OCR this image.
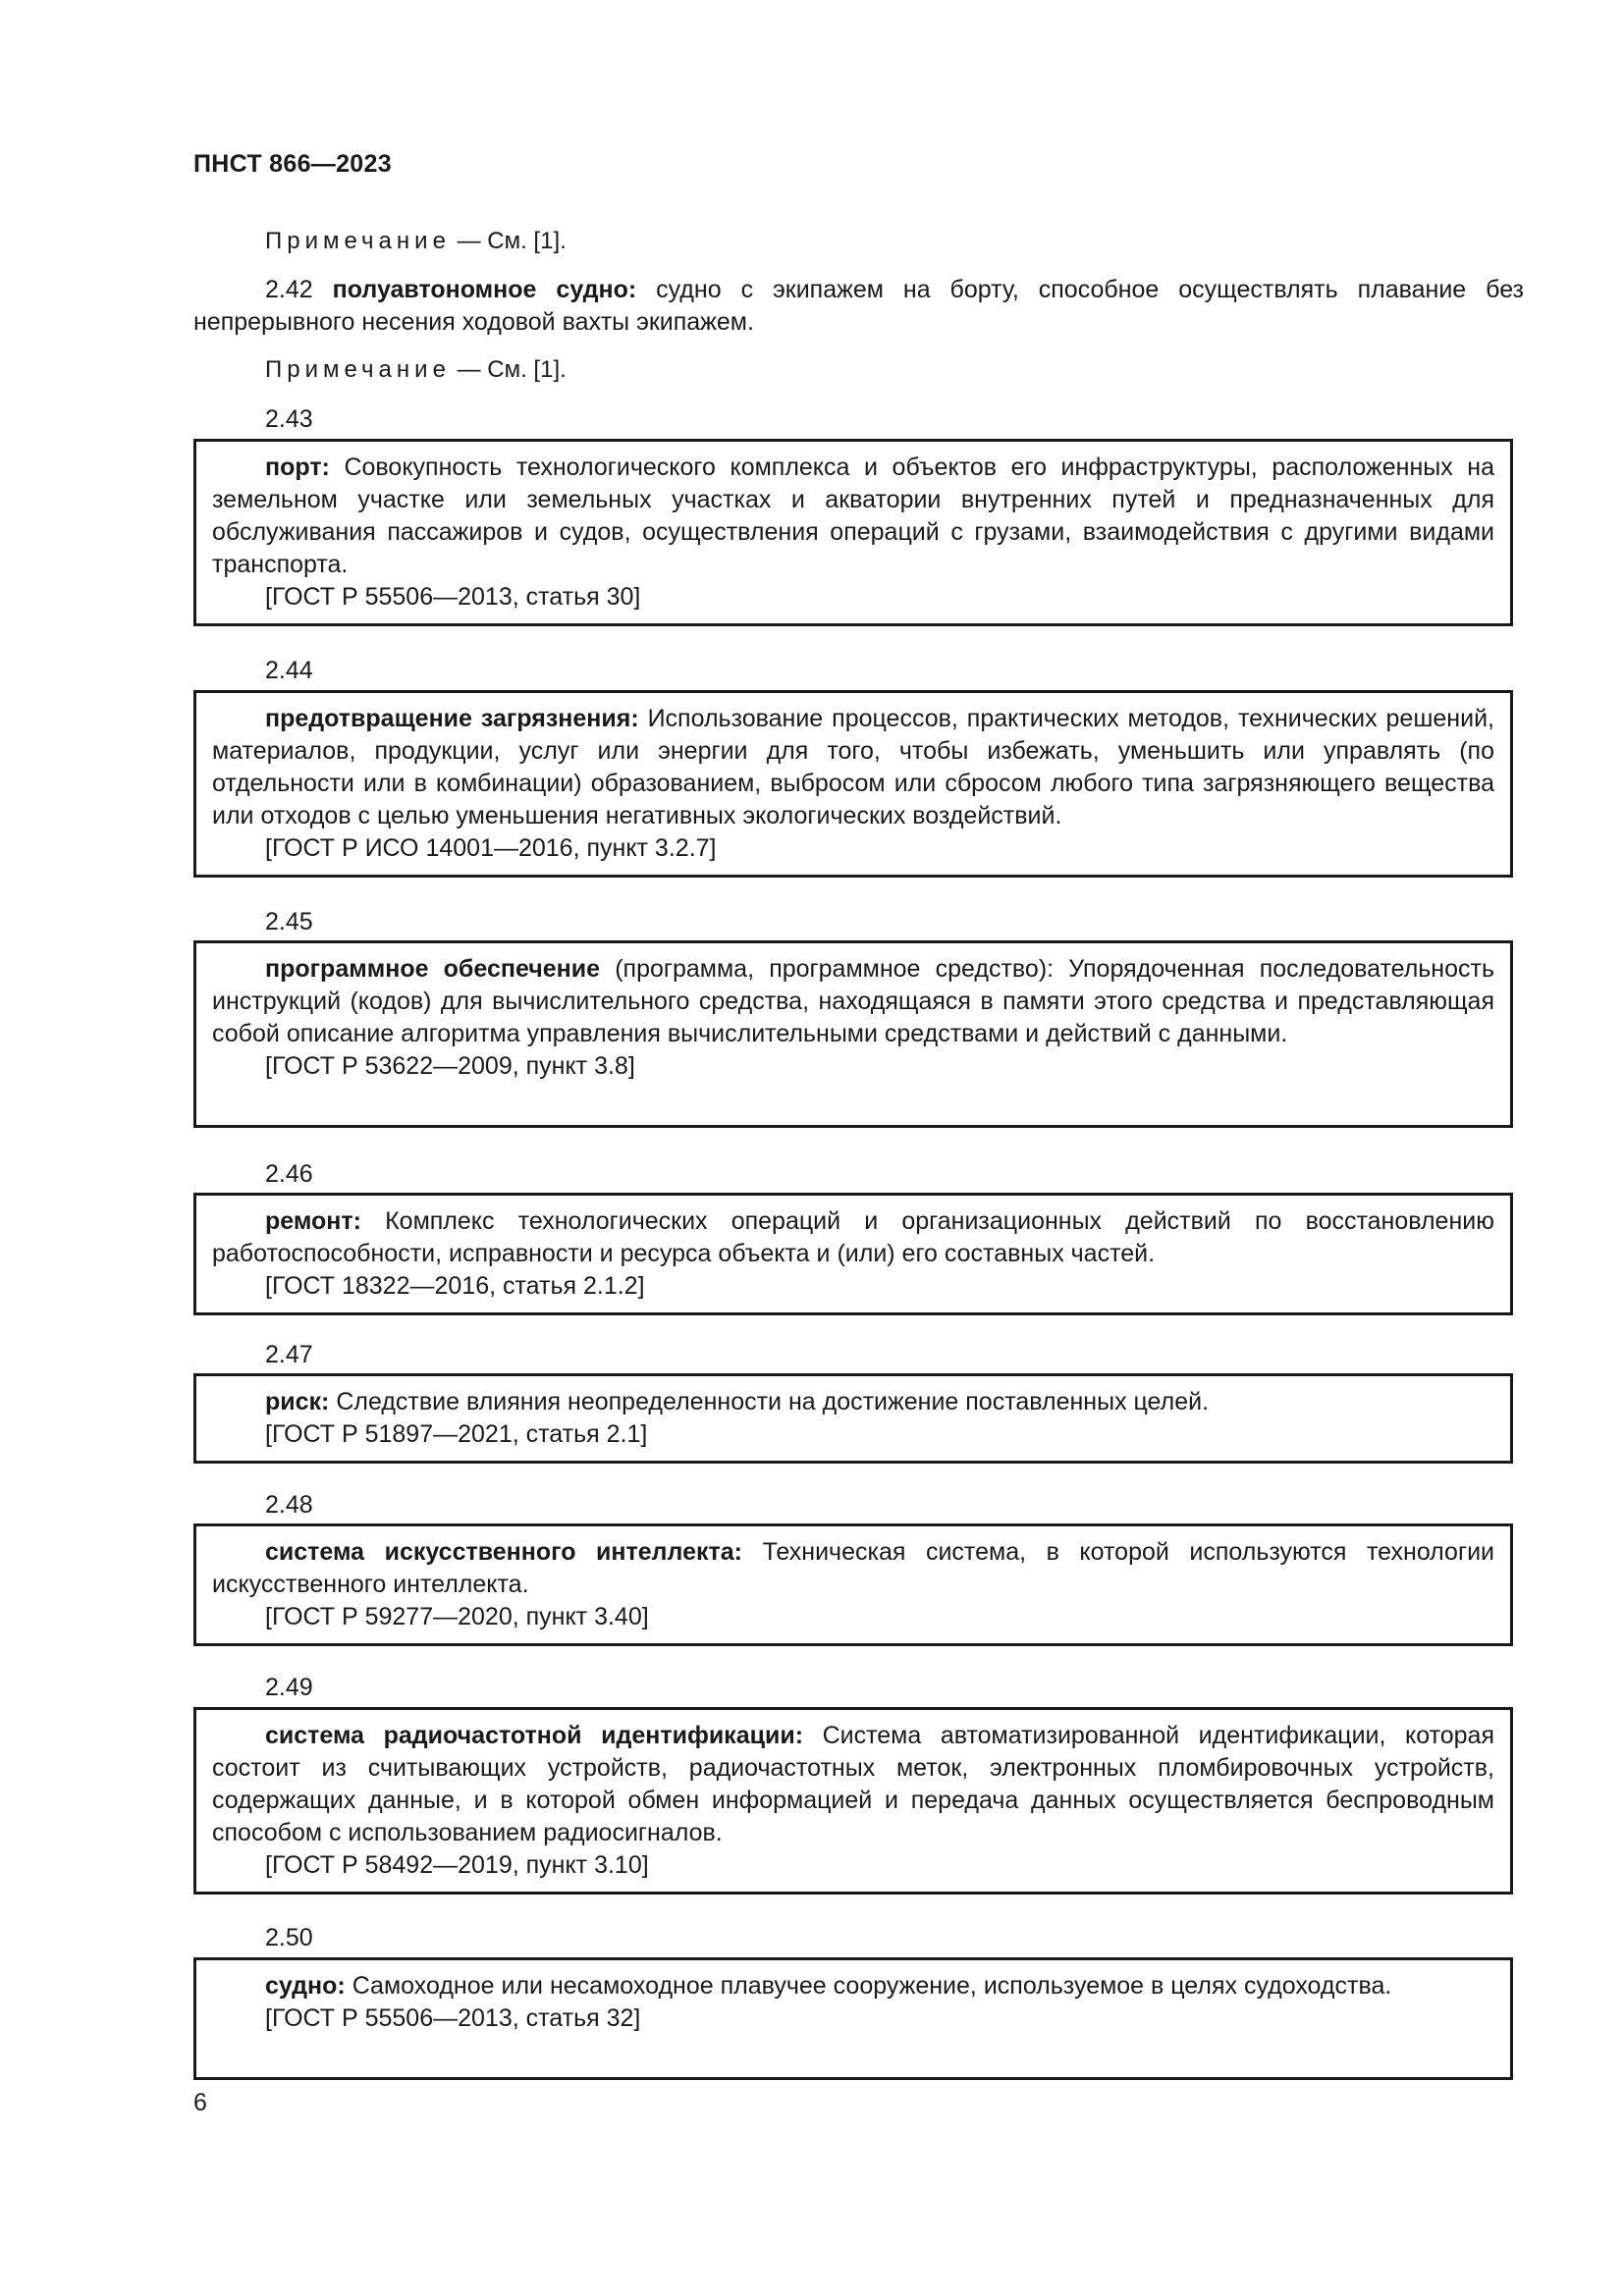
ПНСТ 866—2023
Примечание — См. [1].
2.42 полуавтономное судно: судно с экипажем на борту, способное осуществлять плавание без непрерывного несения ходовой вахты экипажем.
Примечание — См. [1].
2.43

порт: Совокупность технологического комплекса и объектов его инфраструктуры, расположенных на земельном участке или земельных участках и акватории внутренних путей и предназначенных для обслуживания пассажиров и судов, осуществления операций с грузами, взаимодействия с другими видами транспорта.

[ГОСТ Р 55506—2013, статья 30]

2.44

предотвращение загрязнения: Использование процессов, практических методов, технических решений, материалов, продукции, услуг или энергии для того, чтобы избежать, уменьшить или управлять (по отдельности или в комбинации) образованием, выбросом или сбросом любого типа загрязняющего вещества или отходов с целью уменьшения негативных экологических воздействий.

[ГОСТ Р ИСО 14001—2016, пункт 3.2.7]

2.45

программное обеспечение (программа, программное средство): Упорядоченная последовательность инструкций (кодов) для вычислительного средства, находящаяся в памяти этого средства и представляющая собой описание алгоритма управления вычислительными средствами и действий с данными.

[ГОСТ Р 53622—2009, пункт 3.8]

2.46

ремонт: Комплекс технологических операций и организационных действий по восстановлению работоспособности, исправности и ресурса объекта и (или) его составных частей.

[ГОСТ 18322—2016, статья 2.1.2]

2.47

риск: Следствие влияния неопределенности на достижение поставленных целей.

[ГОСТ Р 51897—2021, статья 2.1]

2.48

система искусственного интеллекта: Техническая система, в которой используются технологии искусственного интеллекта.

[ГОСТ Р 59277—2020, пункт 3.40]

2.49

система радиочастотной идентификации: Система автоматизированной идентификации, которая состоит из считывающих устройств, радиочастотных меток, электронных пломбировочных устройств, содержащих данные, и в которой обмен информацией и передача данных осуществляется беспроводным способом с использованием радиосигналов.

[ГОСТ Р 58492—2019, пункт 3.10]

2.50

судно: Самоходное или несамоходное плавучее сооружение, используемое в целях судоходства.

[ГОСТ Р 55506—2013, статья 32]

6
